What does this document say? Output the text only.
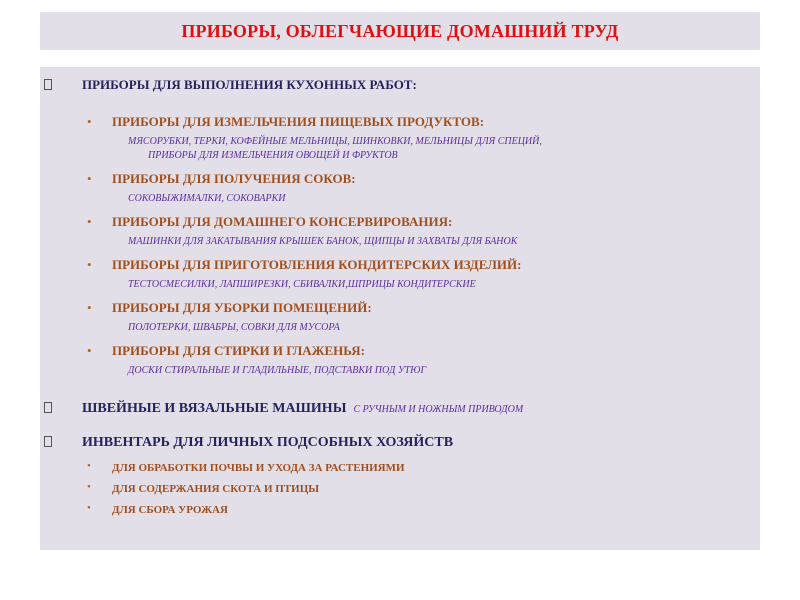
ПРИБОРЫ, ОБЛЕГЧАЮЩИЕ ДОМАШНИЙ ТРУД
ПРИБОРЫ ДЛЯ ВЫПОЛНЕНИЯ КУХОННЫХ РАБОТ:
• ПРИБОРЫ ДЛЯ ИЗМЕЛЬЧЕНИЯ ПИЩЕВЫХ ПРОДУКТОВ:
МЯСОРУБКИ, ТЕРКИ, КОФЕЙНЫЕ МЕЛЬНИЦЫ, ШИНКОВКИ, МЕЛЬНИЦЫ ДЛЯ СПЕЦИЙ,
ПРИБОРЫ ДЛЯ ИЗМЕЛЬЧЕНИЯ ОВОЩЕЙ И ФРУКТОВ
• ПРИБОРЫ ДЛЯ ПОЛУЧЕНИЯ СОКОВ:
СОКОВЫЖИМАЛКИ, СОКОВАРКИ
• ПРИБОРЫ ДЛЯ ДОМАШНЕГО КОНСЕРВИРОВАНИЯ:
МАШИНКИ ДЛЯ ЗАКАТЫВАНИЯ КРЫШЕК БАНОК, ЩИПЦЫ И ЗАХВАТЫ ДЛЯ БАНОК
• ПРИБОРЫ ДЛЯ ПРИГОТОВЛЕНИЯ КОНДИТЕРСКИХ ИЗДЕЛИЙ:
ТЕСТОСМЕСИЛКИ, ЛАПШИРЕЗКИ, СБИВАЛКИ,ШПРИЦЫ КОНДИТЕРСКИЕ
• ПРИБОРЫ ДЛЯ УБОРКИ ПОМЕЩЕНИЙ:
ПОЛОТЕРКИ, ШВАБРЫ, СОВКИ ДЛЯ МУСОРА
• ПРИБОРЫ ДЛЯ СТИРКИ И ГЛАЖЕНЬЯ:
ДОСКИ СТИРАЛЬНЫЕ И ГЛАДИЛЬНЫЕ, ПОДСТАВКИ ПОД УТЮГ
ШВЕЙНЫЕ И ВЯЗАЛЬНЫЕ МАШИНЫ С РУЧНЫМ И НОЖНЫМ ПРИВОДОМ
ИНВЕНТАРЬ ДЛЯ ЛИЧНЫХ ПОДСОБНЫХ ХОЗЯЙСТВ
• ДЛЯ ОБРАБОТКИ ПОЧВЫ И УХОДА ЗА РАСТЕНИЯМИ
• ДЛЯ СОДЕРЖАНИЯ СКОТА И ПТИЦЫ
• ДЛЯ СБОРА УРОЖАЯ
